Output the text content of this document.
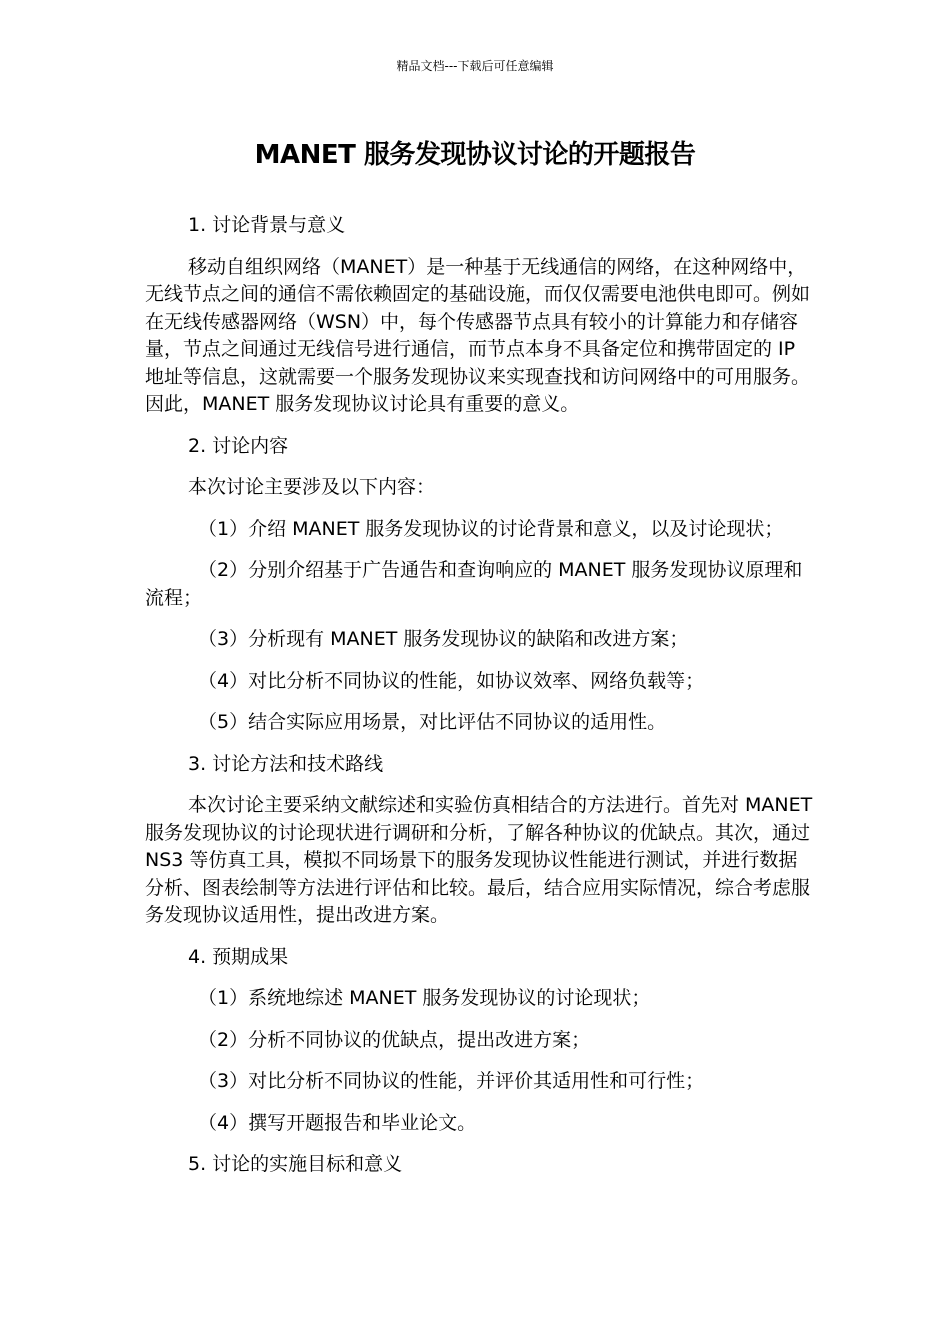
精品文档---下载后可任意编辑
MANET 服务发现协议讨论的开题报告

1. 讨论背景与意义

移动自组织网络（MANET）是一种基于无线通信的网络，在这种网络中，无线节点之间的通信不需依赖固定的基础设施，而仅仅需要电池供电即可。例如在无线传感器网络（WSN）中，每个传感器节点具有较小的计算能力和存储容量，节点之间通过无线信号进行通信，而节点本身不具备定位和携带固定的 IP 地址等信息，这就需要一个服务发现协议来实现查找和访问网络中的可用服务。因此，MANET 服务发现协议讨论具有重要的意义。

2. 讨论内容

本次讨论主要涉及以下内容：

（1）介绍 MANET 服务发现协议的讨论背景和意义，以及讨论现状；

（2）分别介绍基于广告通告和查询响应的 MANET 服务发现协议原理和流程；

（3）分析现有 MANET 服务发现协议的缺陷和改进方案；

（4）对比分析不同协议的性能，如协议效率、网络负载等；

（5）结合实际应用场景，对比评估不同协议的适用性。

3. 讨论方法和技术路线

本次讨论主要采纳文献综述和实验仿真相结合的方法进行。首先对 MANET 服务发现协议的讨论现状进行调研和分析，了解各种协议的优缺点。其次，通过 NS3 等仿真工具，模拟不同场景下的服务发现协议性能进行测试，并进行数据分析、图表绘制等方法进行评估和比较。最后，结合应用实际情况，综合考虑服务发现协议适用性，提出改进方案。

4. 预期成果

（1）系统地综述 MANET 服务发现协议的讨论现状；

（2）分析不同协议的优缺点，提出改进方案；

（3）对比分析不同协议的性能，并评价其适用性和可行性；

（4）撰写开题报告和毕业论文。

5. 讨论的实施目标和意义
